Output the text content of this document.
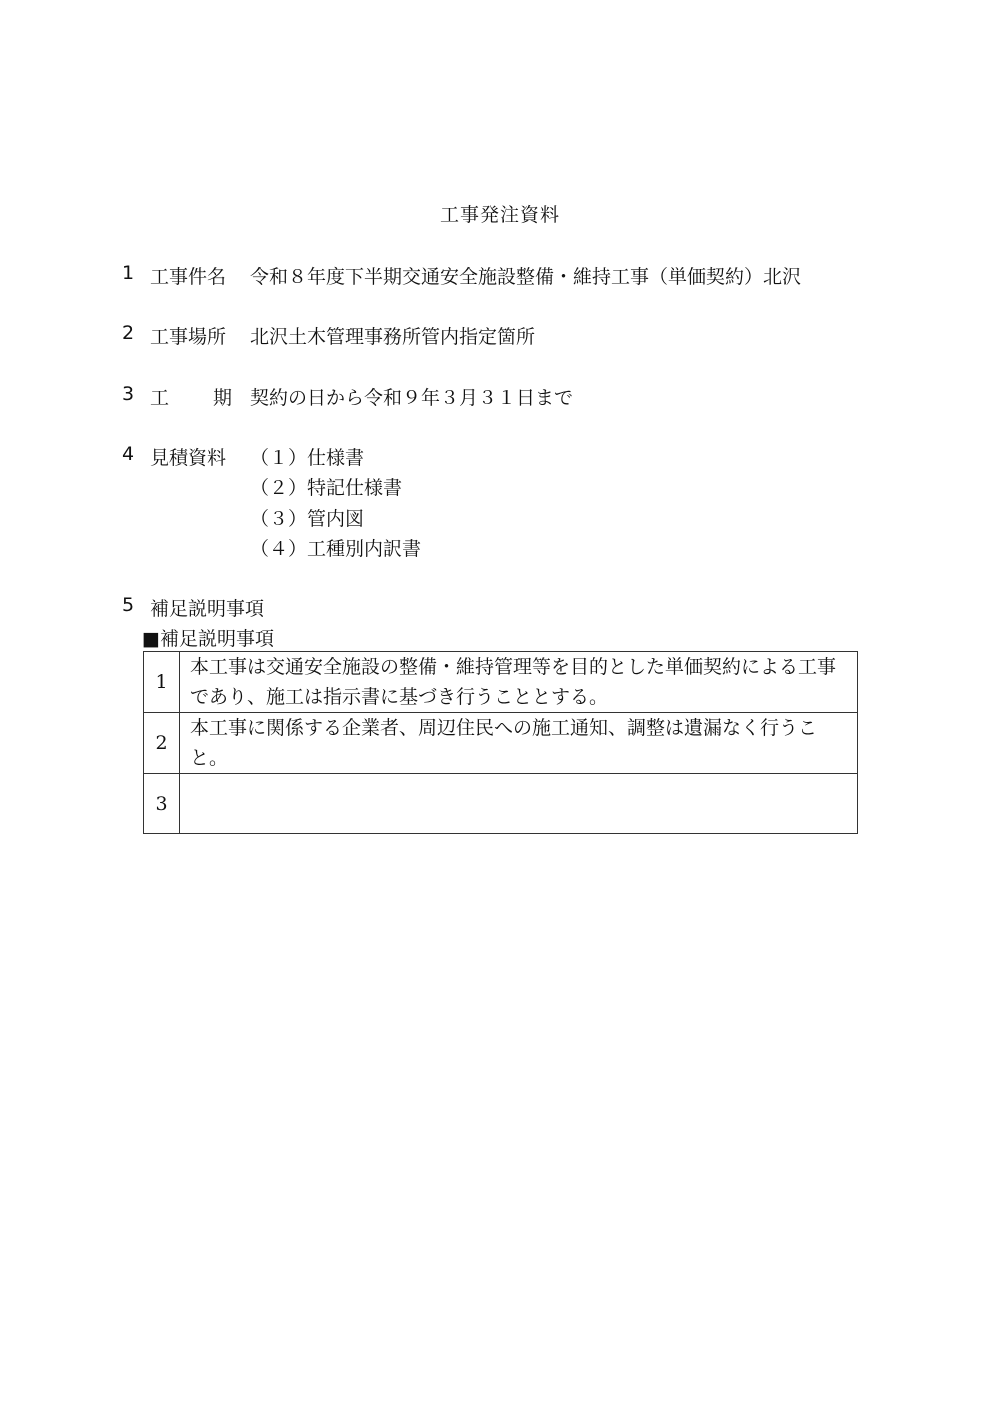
工事発注資料
1 工事件名 令和８年度下半期交通安全施設整備・維持工事（単価契約）北沢
2 工事場所 北沢土木管理事務所管内指定箇所
3 工 期 契約の日から令和９年３月３１日まで
4 見積資料 （１）仕様書
（２）特記仕様書
（３）管内図
（４）工種別内訳書
5 補足説明事項
■補足説明事項
1	本工事は交通安全施設の整備・維持管理等を目的とした単価契約による工事であり、施工は指示書に基づき行うこととする。
2	本工事に関係する企業者、周辺住民への施工通知、調整は遺漏なく行うこと。
3	
